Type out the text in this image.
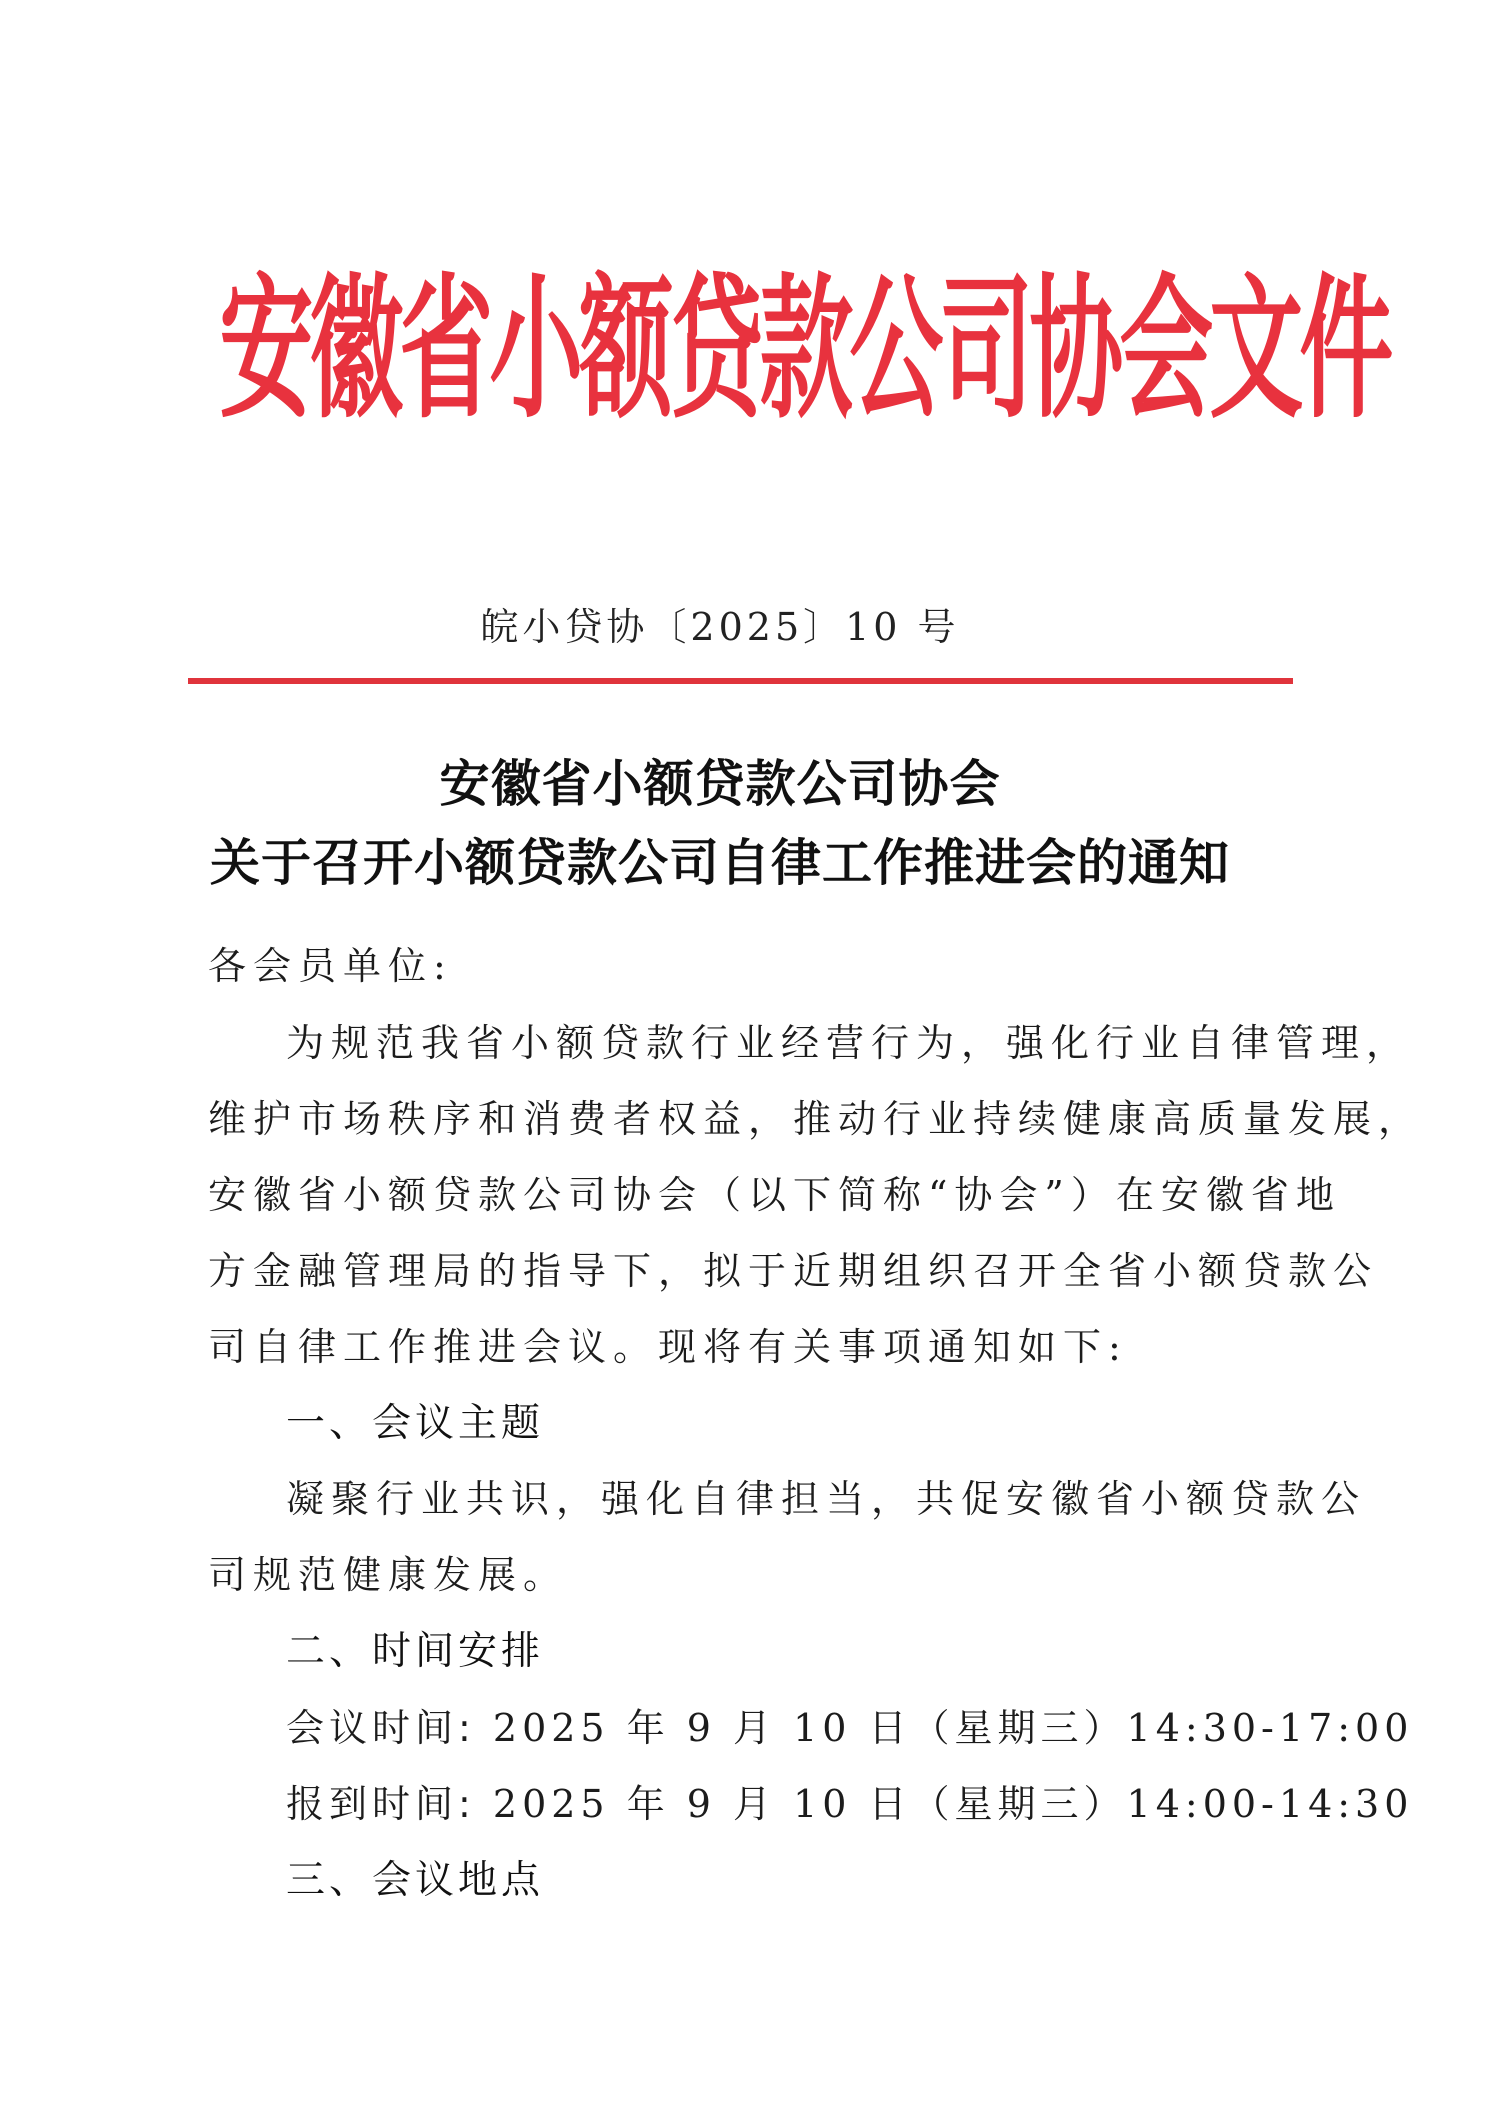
安
徽
省
小
额
贷
款
公
司
协
会
文
件
皖小贷协〔2025〕10 号
安徽省小额贷款公司协会
关于召开小额贷款公司自律工作推进会的通知
各会员单位:
为规范我省小额贷款行业经营行为，强化行业自律管理，
维护市场秩序和消费者权益，推动行业持续健康高质量发展，
安徽省小额贷款公司协会（以下简称“协会”）在安徽省地
方金融管理局的指导下，拟于近期组织召开全省小额贷款公
司自律工作推进会议。现将有关事项通知如下:
一、会议主题
凝聚行业共识，强化自律担当，共促安徽省小额贷款公
司规范健康发展。
二、时间安排
会议时间: 2025 年 9 月 10 日（星期三）14:30-17:00
报到时间: 2025 年 9 月 10 日（星期三）14:00-14:30
三、会议地点
